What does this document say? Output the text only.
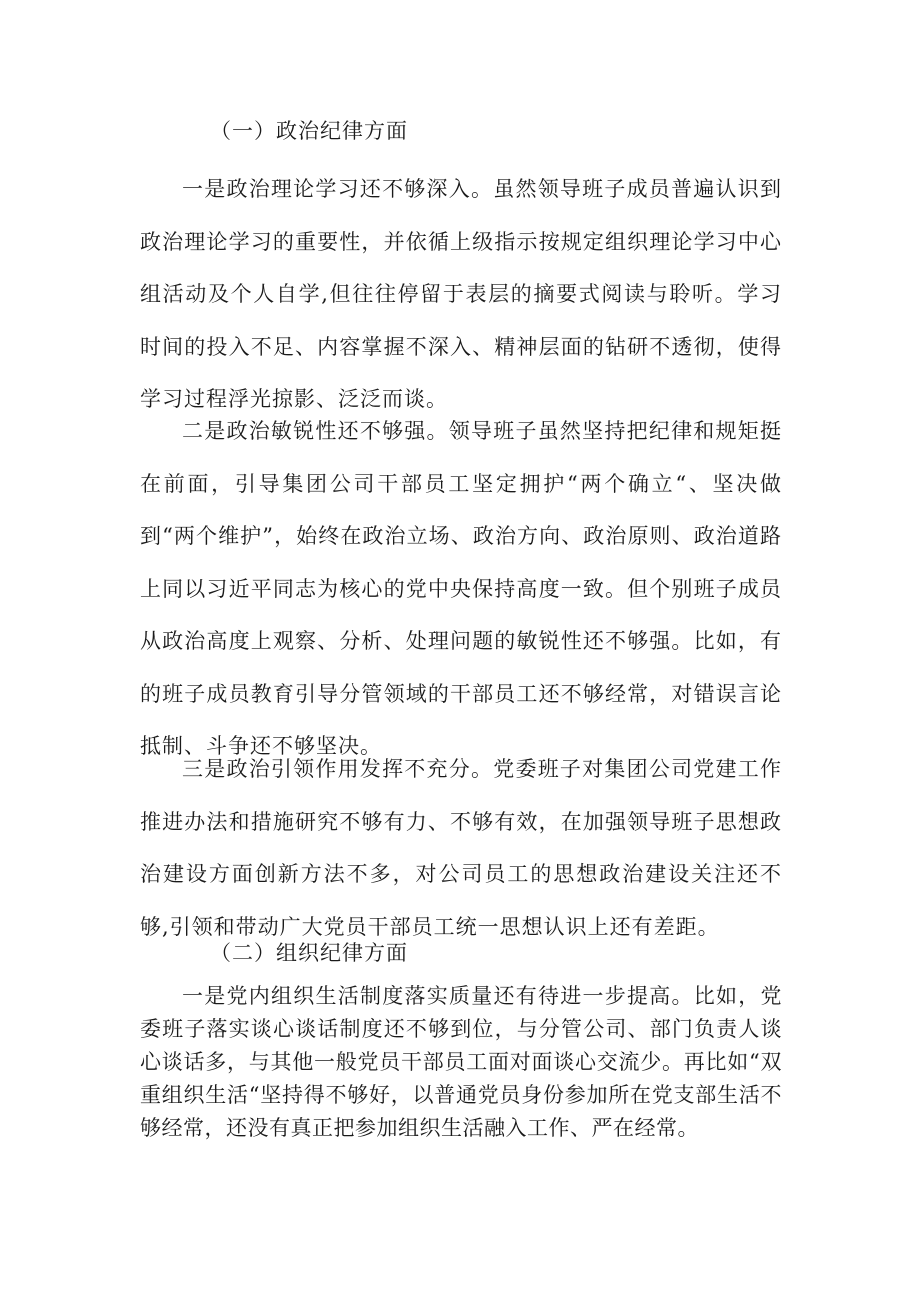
（一）政治纪律方面

一是政治理论学习还不够深入。虽然领导班子成员普遍认识到政治理论学习的重要性，并依循上级指示按规定组织理论学习中心组活动及个人自学,但往往停留于表层的摘要式阅读与聆听。学习时间的投入不足、内容掌握不深入、精神层面的钻研不透彻，使得学习过程浮光掠影、泛泛而谈。

二是政治敏锐性还不够强。领导班子虽然坚持把纪律和规矩挺在前面，引导集团公司干部员工坚定拥护“两个确立“、坚决做到“两个维护”，始终在政治立场、政治方向、政治原则、政治道路上同以习近平同志为核心的党中央保持高度一致。但个别班子成员从政治高度上观察、分析、处理问题的敏锐性还不够强。比如，有的班子成员教育引导分管领域的干部员工还不够经常，对错误言论抵制、斗争还不够坚决。

三是政治引领作用发挥不充分。党委班子对集团公司党建工作推进办法和措施研究不够有力、不够有效，在加强领导班子思想政治建设方面创新方法不多，对公司员工的思想政治建设关注还不够,引领和带动广大党员干部员工统一思想认识上还有差距。

（二）组织纪律方面

一是党内组织生活制度落实质量还有待进一步提高。比如，党委班子落实谈心谈话制度还不够到位，与分管公司、部门负责人谈心谈话多，与其他一般党员干部员工面对面谈心交流少。再比如“双重组织生活“坚持得不够好，以普通党员身份参加所在党支部生活不够经常，还没有真正把参加组织生活融入工作、严在经常。
